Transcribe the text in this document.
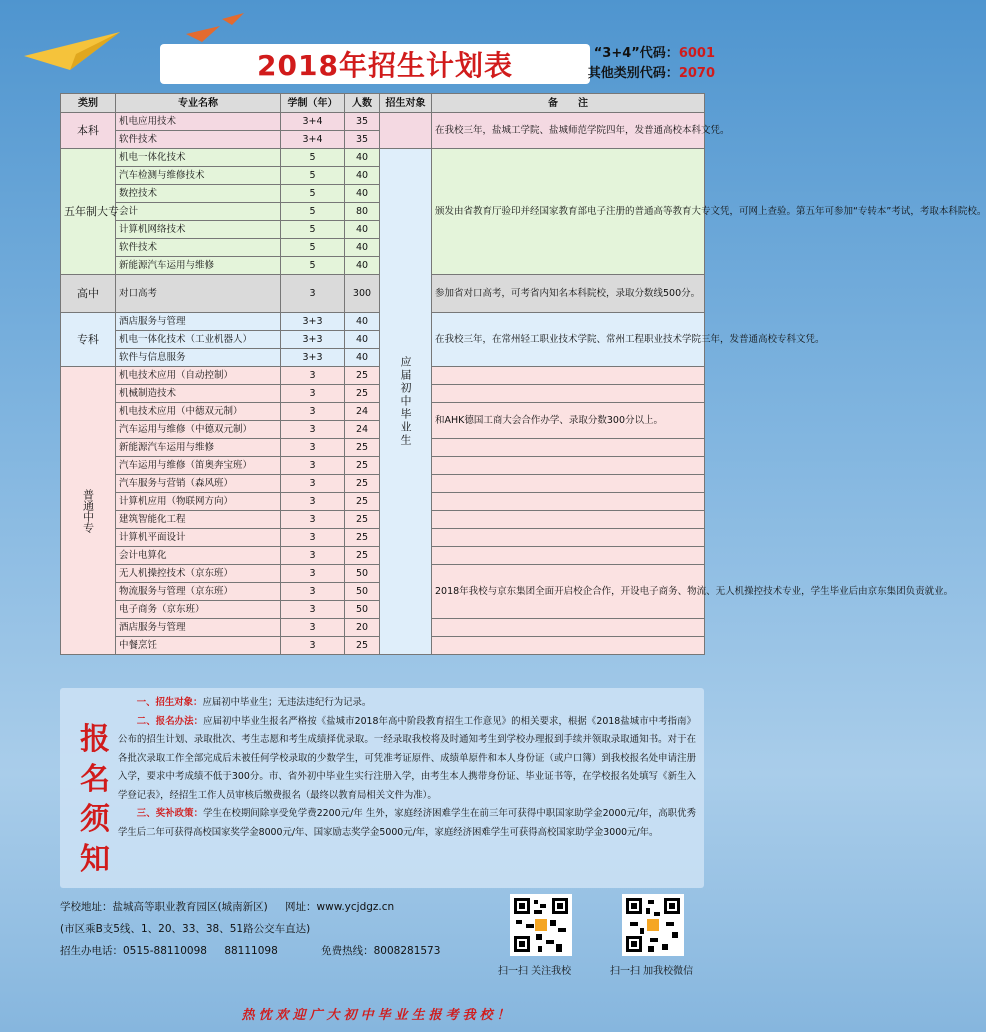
2018年招生计划表	“3+4”代码：6001
其他类别代码：2070
类别	专业名称	学制（年）	人数	招生对象	备　　注
本科	机电应用技术	3+4	35		在我校三年，盐城工学院、盐城师范学院四年，发普通高校本科文凭。
	软件技术	3+4	35		
五年制大专	机电一体化技术	5	40	应届初中毕业生	颁发由省教育厅验印并经国家教育部电子注册的普通高等教育大专文凭，可网上查验。第五年可参加“专转本”考试，考取本科院校。
	汽车检测与维修技术	5	40		
	数控技术	5	40		
	会计	5	80		
	计算机网络技术	5	40		
	软件技术	5	40		
	新能源汽车运用与维修	5	40		
高中	对口高考	3	300		参加省对口高考，可考省内知名本科院校，录取分数线500分。
专科	酒店服务与管理	3+3	40		在我校三年，在常州轻工职业技术学院、常州工程职业技术学院三年，发普通高校专科文凭。
	机电一体化技术（工业机器人）	3+3	40		
	软件与信息服务	3+3	40		
普通中专	机电技术应用（自动控制）	3	25		
	机械制造技术	3	25		
	机电技术应用（中德双元制）	3	24		和AHK德国工商大会合作办学、录取分数300分以上。
	汽车运用与维修（中德双元制）	3	24		
	新能源汽车运用与维修	3	25		
	汽车运用与维修（笛奥奔宝班）	3	25		
	汽车服务与营销（森风班）	3	25		
	计算机应用（物联网方向）	3	25		
	建筑智能化工程	3	25		
	计算机平面设计	3	25		
	会计电算化	3	25		
	无人机操控技术（京东班）	3	50		2018年我校与京东集团全面开启校企合作，开设电子商务、物流、无人机操控技术专业，学生毕业后由京东集团负责就业。
	物流服务与管理（京东班）	3	50		
	电子商务（京东班）	3	50		
	酒店服务与管理	3	20		
	中餐烹饪	3	25		
报名须知
一、招生对象：应届初中毕业生；无违法违纪行为记录。
二、报名办法：应届初中毕业生报名严格按《盐城市2018年高中阶段教育招生工作意见》的相关要求，根据《2018盐城市中考指南》公布的招生计划、录取批次、考生志愿和考生成绩择优录取。一经录取我校将及时通知考生到学校办理报到手续并领取录取通知书。对于在各批次录取工作全部完成后未被任何学校录取的少数学生，可凭准考证原件、成绩单原件和本人身份证（或户口簿）到我校报名处申请注册入学，要求中考成绩不低于300分。市、省外初中毕业生实行注册入学，由考生本人携带身份证、毕业证书等，在学校报名处填写《新生入学登记表》，经招生工作人员审核后缴费报名（最终以教育局相关文件为准）。
三、奖补政策：学生在校期间除享受免学费2200元/年 生外，家庭经济困难学生在前三年可获得中职国家助学金2000元/年，高职优秀学生后二年可获得高校国家奖学金8000元/年、国家励志奖学金5000元/年，家庭经济困难学生可获得高校国家助学金3000元/年。
学校地址：盐城高等职业教育园区(城南新区) 网址：www.ycjdgz.cn
(市区乘B支5线、1、20、33、38、51路公交车直达)
招生办电话：0515-88110098 88111098	免费热线：8008281573
扫一扫 关注我校	扫一扫 加我校微信
热忱欢迎广大初中毕业生报考我校！
